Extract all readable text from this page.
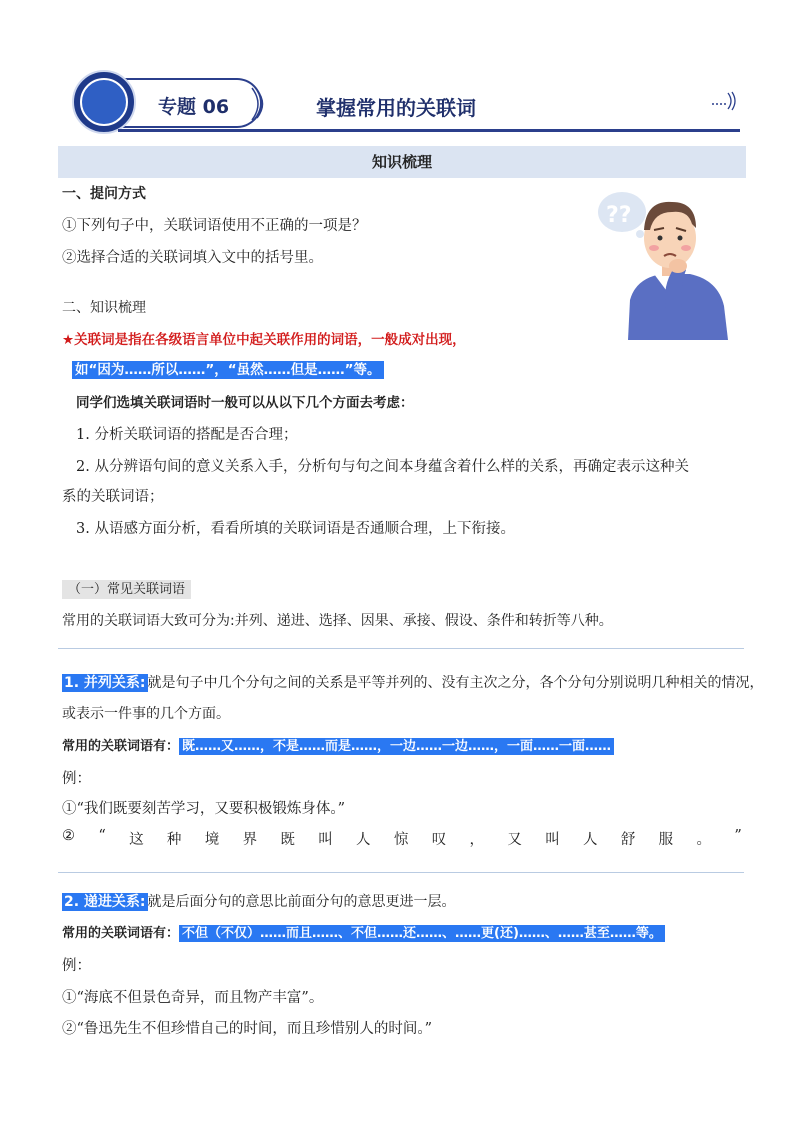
专题 06	掌握常用的关联词
知识梳理
??
一、提问方式
①下列句子中，关联词语使用不正确的一项是？
②选择合适的关联词填入文中的括号里。
二、知识梳理
★关联词是指在各级语言单位中起关联作用的词语，一般成对出现，
如“因为……所以……”，“虽然……但是……”等。
同学们选填关联词语时一般可以从以下几个方面去考虑：
1. 分析关联词语的搭配是否合理；
2. 从分辨语句间的意义关系入手，分析句与句之间本身蕴含着什么样的关系，再确定表示这种关
系的关联词语；
3. 从语感方面分析，看看所填的关联词语是否通顺合理，上下衔接。
（一）常见关联词语
常用的关联词语大致可分为:并列、递进、选择、因果、承接、假设、条件和转折等八种。
1. 并列关系: 就是句子中几个分句之间的关系是平等并列的、没有主次之分，各个分句分别说明几种相关的情况，
或表示一件事的几个方面。
常用的关联词语有： 既……又……，不是……而是……，一边……一边……，一面……一面……
例：
①“我们既要刻苦学习，又要积极锻炼身体。”
② “ 这 种 境 界 既 叫 人 惊 叹 ， 又 叫 人 舒 服 。 ”
2. 递进关系: 就是后面分句的意思比前面分句的意思更进一层。
常用的关联词语有： 不但（不仅）……而且……、不但……还……、……更(还)……、……甚至……等。
例：
①“海底不但景色奇异，而且物产丰富”。
②“鲁迅先生不但珍惜自己的时间，而且珍惜别人的时间。”
